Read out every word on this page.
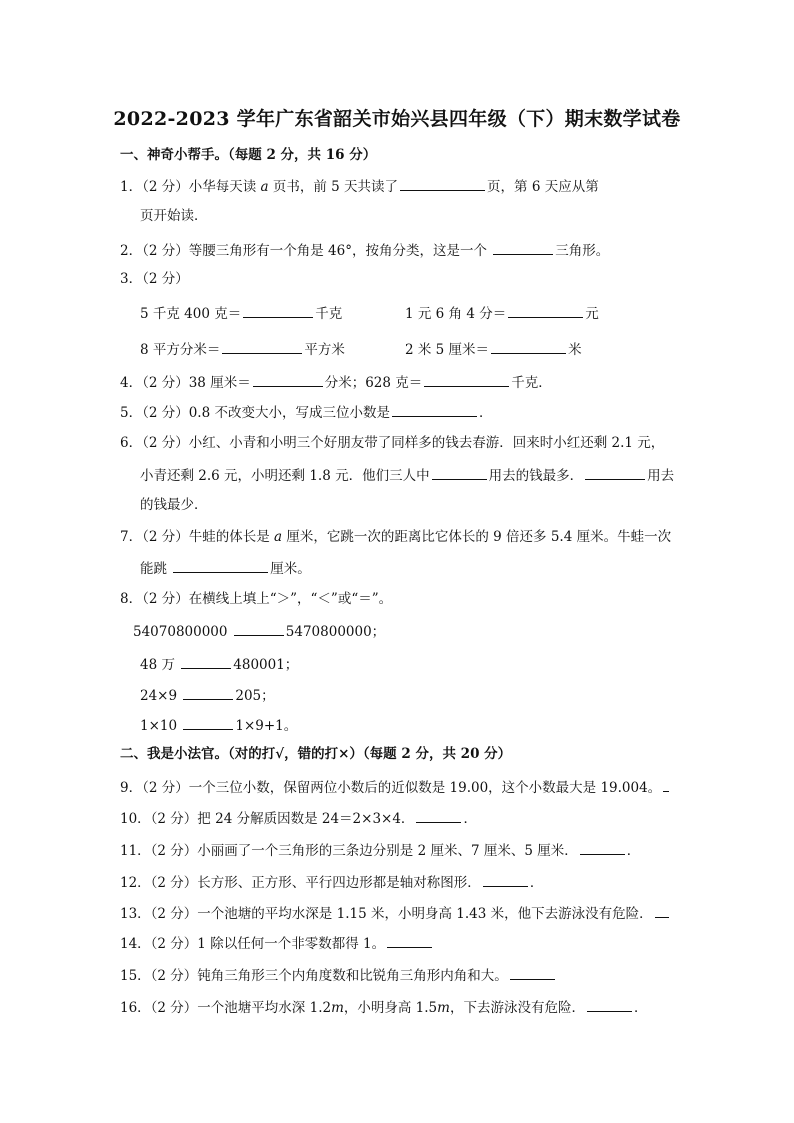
2022-2023 学年广东省韶关市始兴县四年级（下）期末数学试卷
一、神奇小帮手。（每题 2 分，共 16 分）
1．（2 分）小华每天读 a 页书，前 5 天共读了	页，第 6 天应从第
页开始读．
2．（2 分）等腰三角形有一个角是 46°，按角分类，这是一个	三角形。
3．（2 分）
5 千克 400 克＝	千克	1 元 6 角 4 分＝	元
8 平方分米＝	平方米	2 米 5 厘米＝	米
4．（2 分）38 厘米＝	分米；628 克＝	千克．
5．（2 分）0.8 不改变大小，写成三位小数是	．
6．（2 分）小红、小青和小明三个好朋友带了同样多的钱去春游．回来时小红还剩 2.1 元，
小青还剩 2.6 元，小明还剩 1.8 元．他们三人中	用去的钱最多．	用去
的钱最少．
7．（2 分）牛蛙的体长是 a 厘米，它跳一次的距离比它体长的 9 倍还多 5.4 厘米。牛蛙一次
能跳	厘米。
8．（2 分）在横线上填上“＞”，“＜”或“＝”。
54070800000	5470800000；
48 万	480001；
24×9	205；
1×10	1×9+1。
二、我是小法官。（对的打√，错的打×）（每题 2 分，共 20 分）
9．（2 分）一个三位小数，保留两位小数后的近似数是 19.00，这个小数最大是 19.004。
10．（2 分）把 24 分解质因数是 24＝2×3×4．	．
11．（2 分）小丽画了一个三角形的三条边分别是 2 厘米、7 厘米、5 厘米．	．
12．（2 分）长方形、正方形、平行四边形都是轴对称图形．	．
13．（2 分）一个池塘的平均水深是 1.15 米，小明身高 1.43 米，他下去游泳没有危险．
14．（2 分）1 除以任何一个非零数都得 1。
15．（2 分）钝角三角形三个内角度数和比锐角三角形内角和大。
16．（2 分）一个池塘平均水深 1.2m，小明身高 1.5m，下去游泳没有危险．	．
